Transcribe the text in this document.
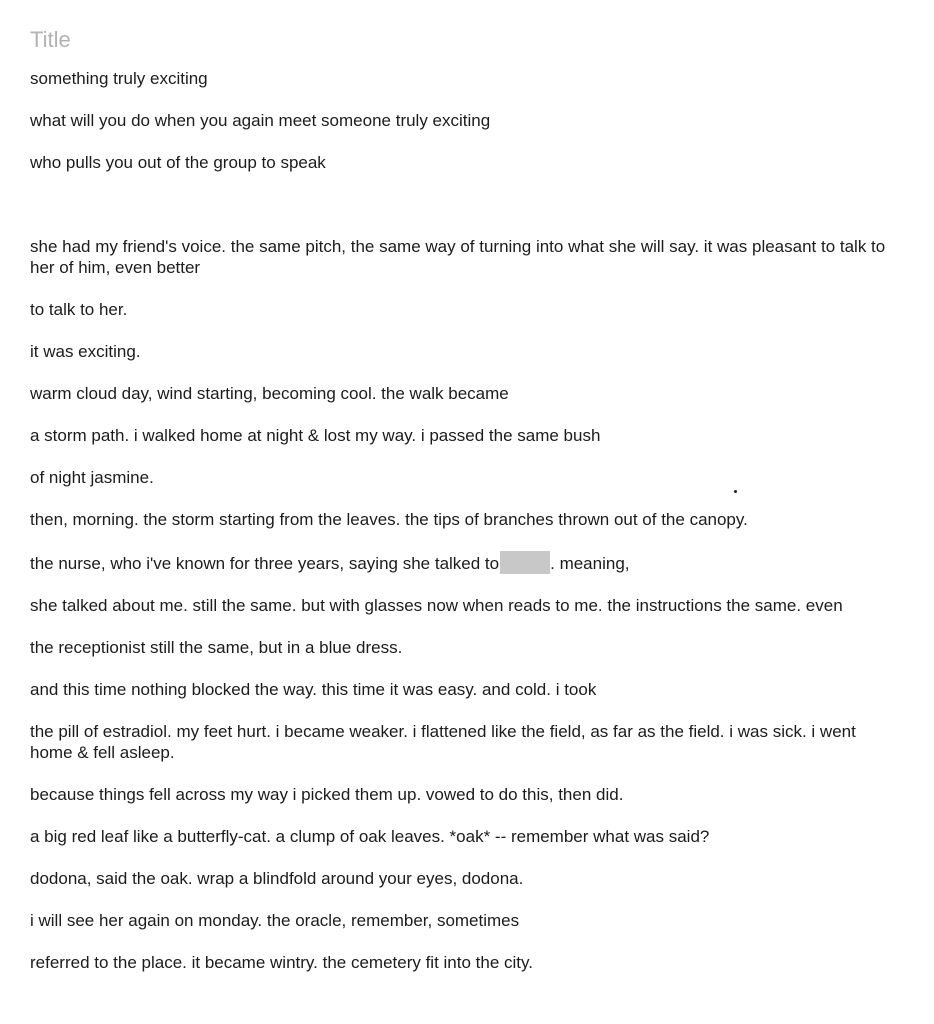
Title
something truly exciting
what will you do when you again meet someone truly exciting
who pulls you out of the group to speak
she had my friend's voice. the same pitch, the same way of turning into what she will say. it was pleasant to talk to her of him, even better
to talk to her.
it was exciting.
warm cloud day, wind starting, becoming cool. the walk became
a storm path. i walked home at night & lost my way. i passed the same bush
of night jasmine.
then, morning. the storm starting from the leaves. the tips of branches thrown out of the canopy.
the nurse, who i've known for three years, saying she talked to	. meaning,
she talked about me. still the same. but with glasses now when reads to me. the instructions the same. even
the receptionist still the same, but in a blue dress.
and this time nothing blocked the way. this time it was easy. and cold. i took
the pill of estradiol. my feet hurt. i became weaker. i flattened like the field, as far as the field. i was sick. i went home & fell asleep.
because things fell across my way i picked them up. vowed to do this, then did.
a big red leaf like a butterfly-cat. a clump of oak leaves. *oak* -- remember what was said?
dodona, said the oak. wrap a blindfold around your eyes, dodona.
i will see her again on monday. the oracle, remember, sometimes
referred to the place. it became wintry. the cemetery fit into the city.
